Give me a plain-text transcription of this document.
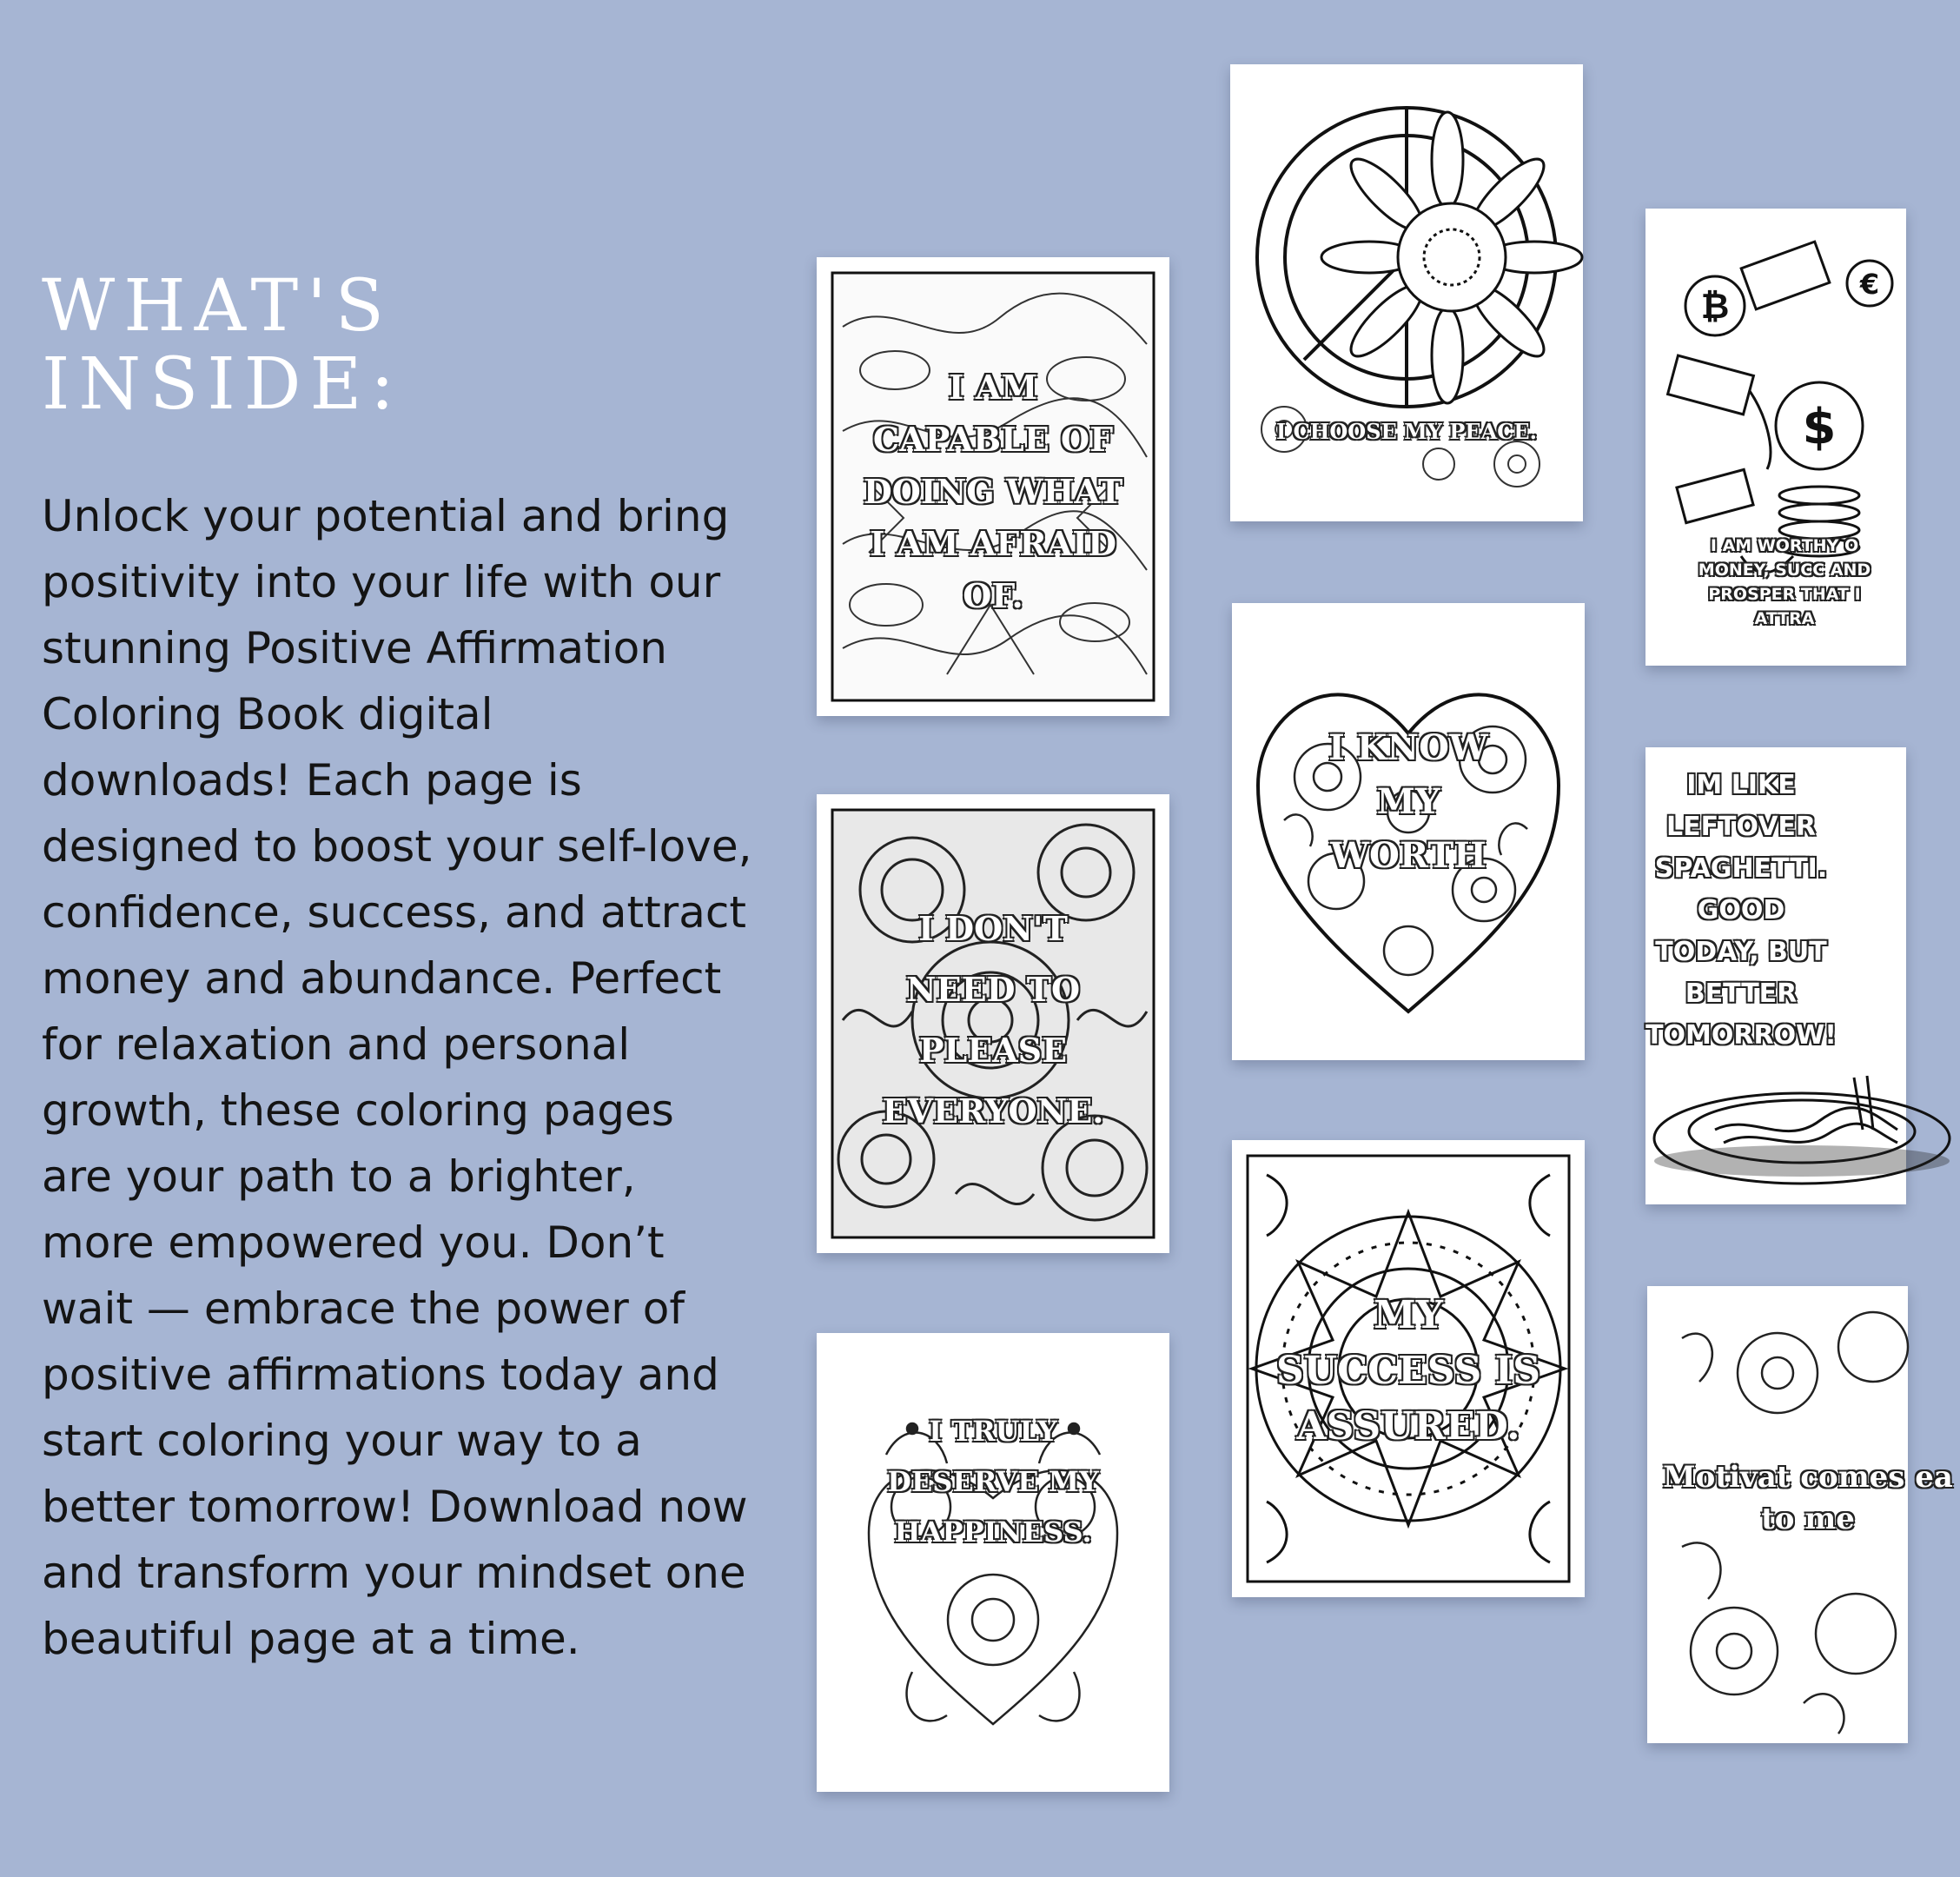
WHAT'S
INSIDE:

Unlock your potential and bring positivity into your life with our stunning Positive Affirmation Coloring Book digital downloads! Each page is designed to boost your self-love, confidence, success, and attract money and abundance. Perfect for relaxation and personal growth, these coloring pages are your path to a brighter, more empowered you. Don’t wait — embrace the power of positive affirmations today and start coloring your way to a better tomorrow! Download now and transform your mindset one beautiful page at a time.

I AM CAPABLE OF DOING WHAT I AM AFRAID OF.
I DON'T NEED TO PLEASE EVERYONE.
I TRULY DESERVE MY HAPPINESS.
I CHOOSE MY PEACE.
I KNOW MY WORTH
MY SUCCESS IS ASSURED.
₿
€
$
I AM WORTHY O MONEY, SUCC AND PROSPER THAT I ATTRA
IM LIKE LEFTOVER SPAGHETTI. GOOD TODAY, BUT BETTER TOMORROW!
Motivat comes ea to me
